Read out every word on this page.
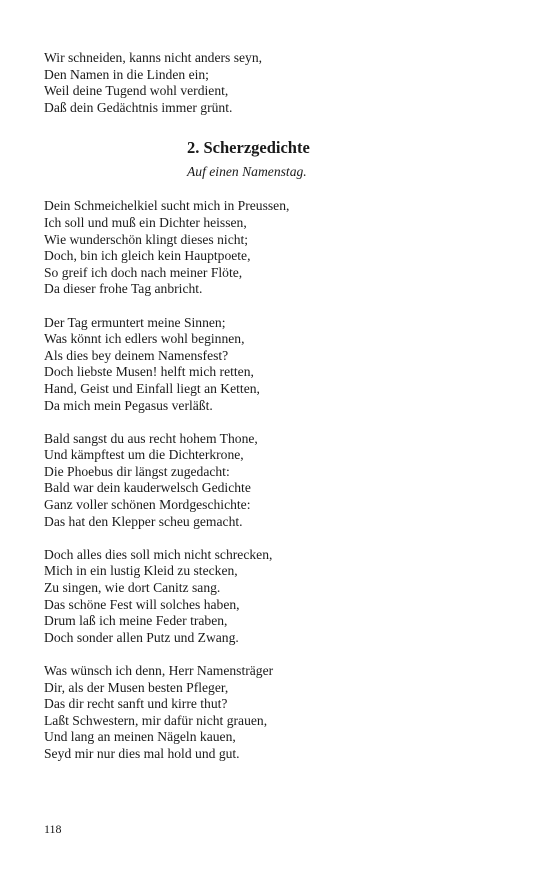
Wir schneiden, kanns nicht anders seyn,
Den Namen in die Linden ein;
Weil deine Tugend wohl verdient,
Daß dein Gedächtnis immer grünt.
2. Scherzgedichte
Auf einen Namenstag.
Dein Schmeichelkiel sucht mich in Preussen,
Ich soll und muß ein Dichter heissen,
Wie wunderschön klingt dieses nicht;
Doch, bin ich gleich kein Hauptpoete,
So greif ich doch nach meiner Flöte,
Da dieser frohe Tag anbricht.
Der Tag ermuntert meine Sinnen;
Was könnt ich edlers wohl beginnen,
Als dies bey deinem Namensfest?
Doch liebste Musen! helft mich retten,
Hand, Geist und Einfall liegt an Ketten,
Da mich mein Pegasus verläßt.
Bald sangst du aus recht hohem Thone,
Und kämpftest um die Dichterkrone,
Die Phoebus dir längst zugedacht:
Bald war dein kauderwelsch Gedichte
Ganz voller schönen Mordgeschichte:
Das hat den Klepper scheu gemacht.
Doch alles dies soll mich nicht schrecken,
Mich in ein lustig Kleid zu stecken,
Zu singen, wie dort Canitz sang.
Das schöne Fest will solches haben,
Drum laß ich meine Feder traben,
Doch sonder allen Putz und Zwang.
Was wünsch ich denn, Herr Namensträger
Dir, als der Musen besten Pfleger,
Das dir recht sanft und kirre thut?
Laßt Schwestern, mir dafür nicht grauen,
Und lang an meinen Nägeln kauen,
Seyd mir nur dies mal hold und gut.
118
